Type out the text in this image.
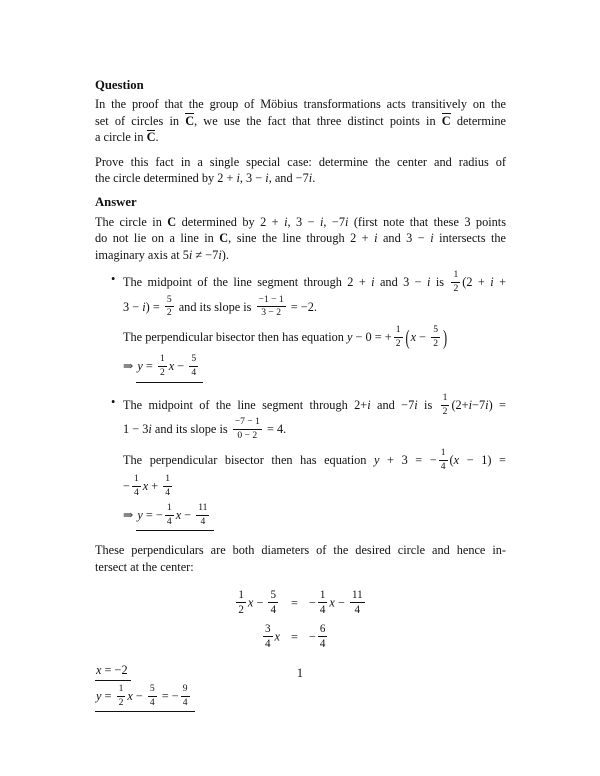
Question
In the proof that the group of Möbius transformations acts transitively on the
set of circles in C, we use the fact that three distinct points in C determine
a circle in C.
Prove this fact in a single special case: determine the center and radius of
the circle determined by 2 + i, 3 − i, and −7i.
Answer
The circle in C determined by 2 + i, 3 − i, −7i (first note that these 3 points
do not lie on a line in C, sine the line through 2 + i and 3 − i intersects the
imaginary axis at 5i ≠ −7i).
• The midpoint of the line segment through 2 + i and 3 − i is $\frac{1}{2} (2 + i$ +
$3 - i) = \frac{5}{2}$ and its slope is $\frac{-1 - 1}{3 - 2} = -2$.
The perpendicular bisector then has equation y − 0 = + $\frac{1}{2} (x - \frac{5}{2}$ )
⇒ $y = \frac{1}{2}$ $x - \frac{5}{4}$
• The midpoint of the line segment through 2+i and −7i is $\frac{1}{2} (2+i-7i)$ =
1 − 3i and its slope is $\frac{-7 - 1}{0 - 2} = 4$.
The perpendicular bisector then has equation y + 3 = − $\frac{1}{4} (x - 1)$ =
− $\frac{1}{4}$ $x + \frac{1}{4}$
⇒ y = − $\frac{1}{4}$ $x - \frac{11}{4}$
These perpendiculars are both diameters of the desired circle and hence in-
tersect at the center:
$\frac{1}{2}$ $x - \frac{5}{4}$	= − $\frac{1}{4}$ $x - \frac{11}{4}$
$\frac{3}{4}$ x = − $\frac{6}{4}$
x = −2
$y = \frac{1}{2}$ $x - \frac{5}{4}$ = − $\frac{9}{4}$
1
